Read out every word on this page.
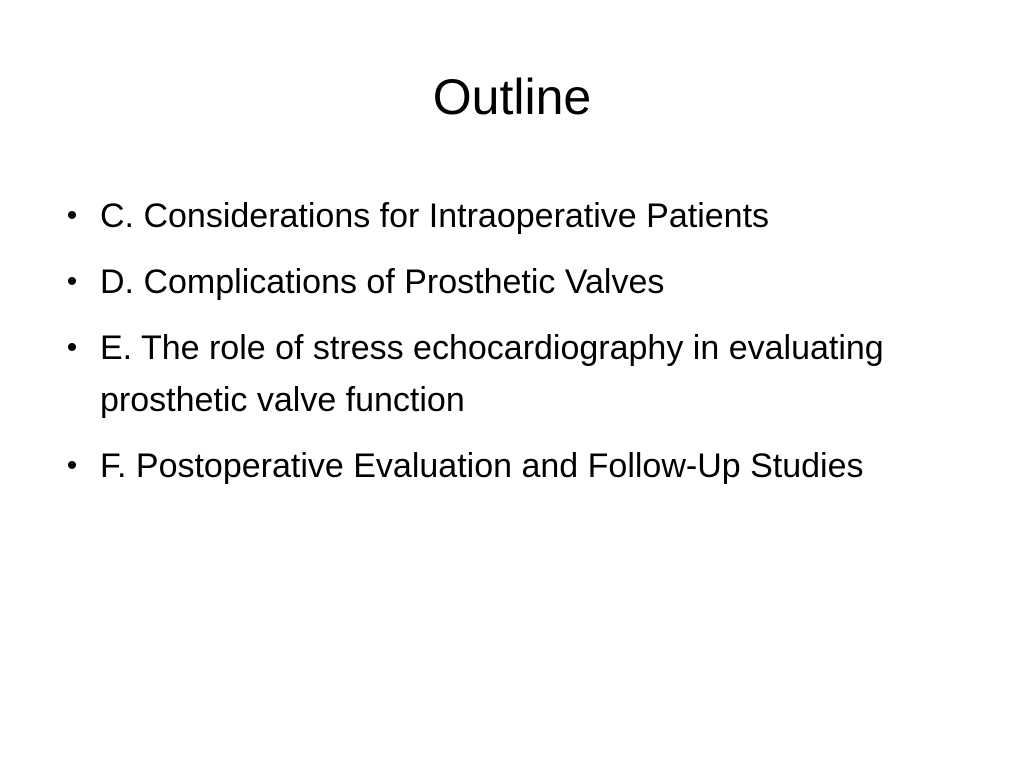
Outline
• C. Considerations for Intraoperative Patients
• D. Complications of Prosthetic Valves
• E. The role of stress echocardiography in evaluating prosthetic valve function
• F. Postoperative Evaluation and Follow-Up Studies
